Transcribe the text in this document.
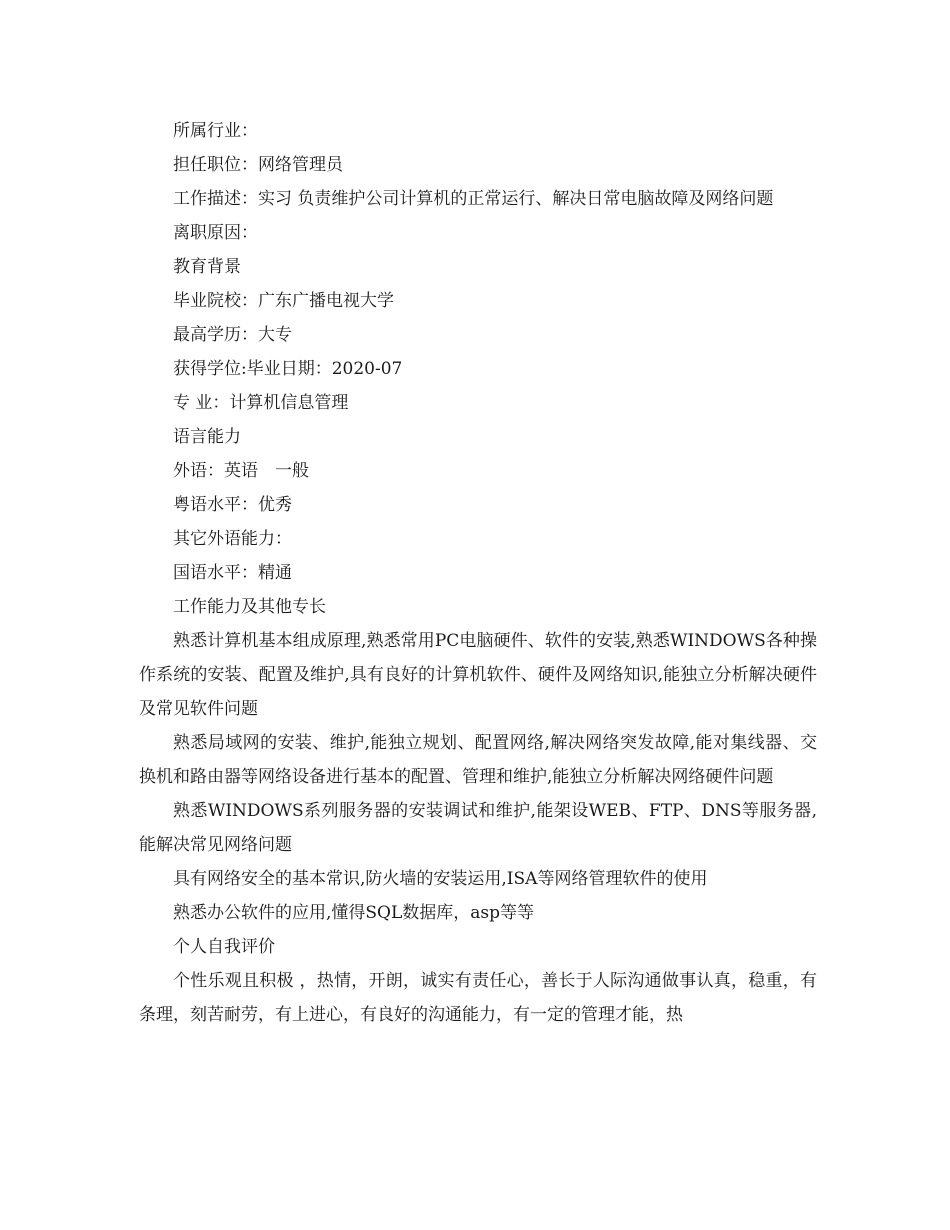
所属行业：

担任职位：网络管理员

工作描述：实习 负责维护公司计算机的正常运行、解决日常电脑故障及网络问题

离职原因：

教育背景

毕业院校：广东广播电视大学

最高学历：大专

获得学位:毕业日期：2020-07

专 业：计算机信息管理

语言能力

外语：英语　一般

粤语水平：优秀

其它外语能力：

国语水平：精通

工作能力及其他专长

熟悉计算机基本组成原理,熟悉常用PC电脑硬件、软件的安装,熟悉WINDOWS各种操作系统的安装、配置及维护,具有良好的计算机软件、硬件及网络知识,能独立分析解决硬件及常见软件问题

熟悉局域网的安装、维护,能独立规划、配置网络,解决网络突发故障,能对集线器、交换机和路由器等网络设备进行基本的配置、管理和维护,能独立分析解决网络硬件问题

熟悉WINDOWS系列服务器的安装调试和维护,能架设WEB、FTP、DNS等服务器,能解决常见网络问题

具有网络安全的基本常识,防火墙的安装运用,ISA等网络管理软件的使用

熟悉办公软件的应用,懂得SQL数据库，asp等等

个人自我评价

个性乐观且积极 ，热情，开朗，诚实有责任心，善长于人际沟通做事认真，稳重，有条理，刻苦耐劳，有上进心，有良好的沟通能力，有一定的管理才能，热
